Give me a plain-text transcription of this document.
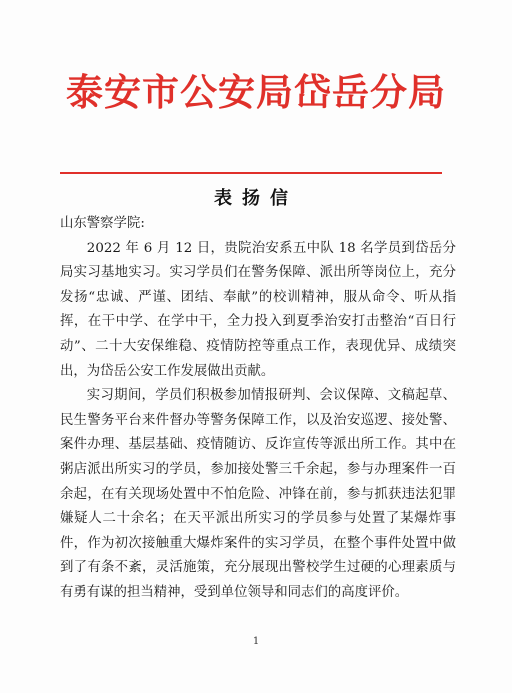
泰安市公安局岱岳分局
表扬信

山东警察学院:

2022 年 6 月 12 日，贵院治安系五中队 18 名学员到岱岳分局实习基地实习。实习学员们在警务保障、派出所等岗位上，充分发扬“忠诚、严谨、团结、奉献”的校训精神，服从命令、听从指挥，在干中学、在学中干，全力投入到夏季治安打击整治“百日行动”、二十大安保维稳、疫情防控等重点工作，表现优异、成绩突出，为岱岳公安工作发展做出贡献。

实习期间，学员们积极参加情报研判、会议保障、文稿起草、民生警务平台来件督办等警务保障工作，以及治安巡逻、接处警、案件办理、基层基础、疫情随访、反诈宣传等派出所工作。其中在粥店派出所实习的学员，参加接处警三千余起，参与办理案件一百余起，在有关现场处置中不怕危险、冲锋在前，参与抓获违法犯罪嫌疑人二十余名；在天平派出所实习的学员参与处置了某爆炸事件，作为初次接触重大爆炸案件的实习学员，在整个事件处置中做到了有条不紊，灵活施策，充分展现出警校学生过硬的心理素质与有勇有谋的担当精神，受到单位领导和同志们的高度评价。

1
